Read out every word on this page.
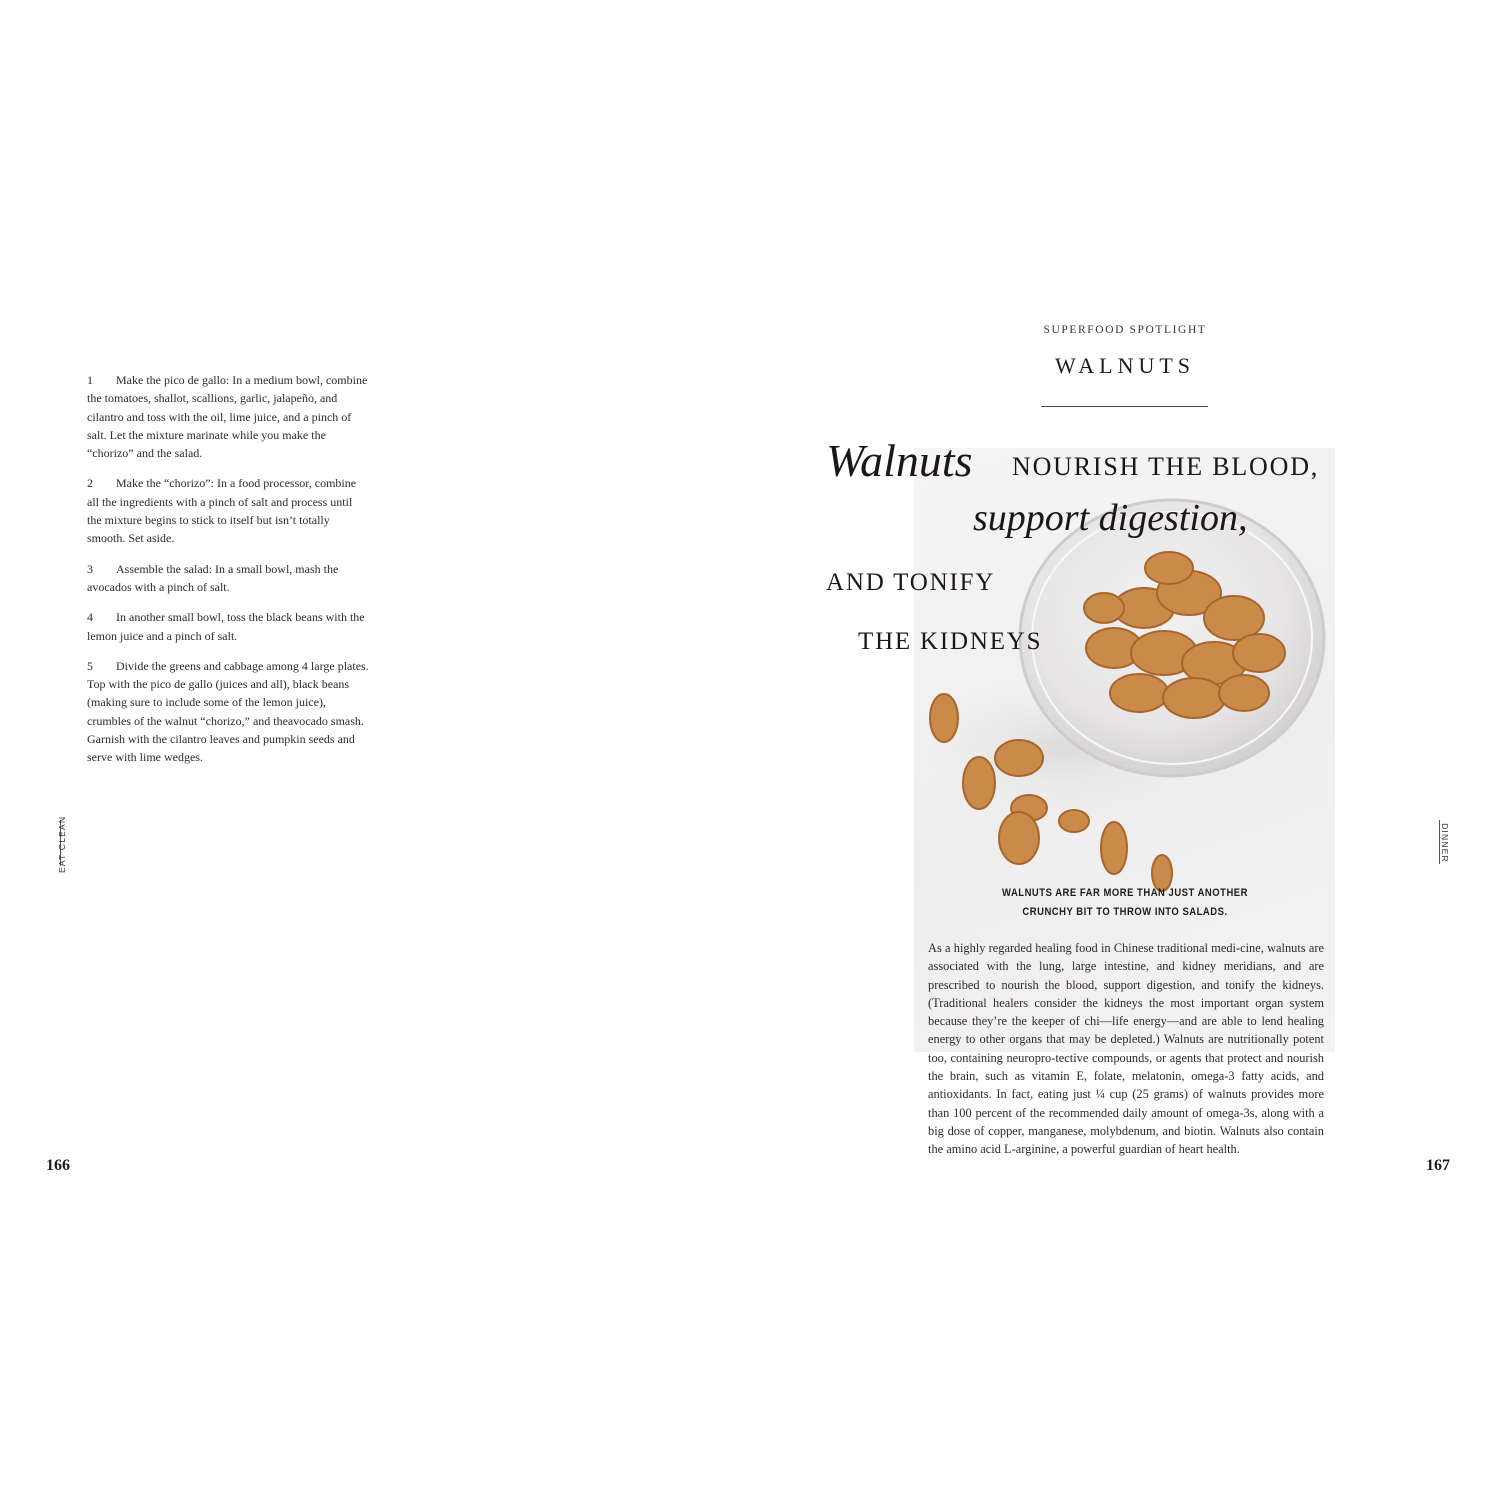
1 Make the pico de gallo: In a medium bowl, combine the tomatoes, shallot, scallions, garlic, jalapeño, and cilantro and toss with the oil, lime juice, and a pinch of salt. Let the mixture marinate while you make the “chorizo” and the salad.

2 Make the “chorizo”: In a food processor, combine all the ingredients with a pinch of salt and process until the mixture begins to stick to itself but isn’t totally smooth. Set aside.

3 Assemble the salad: In a small bowl, mash the avocados with a pinch of salt.

4 In another small bowl, toss the black beans with the lemon juice and a pinch of salt.

5 Divide the greens and cabbage among 4 large plates. Top with the pico de gallo (juices and all), black beans (making sure to include some of the lemon juice), crumbles of the walnut “chorizo,” and theavocado smash. Garnish with the cilantro leaves and pumpkin seeds and serve with lime wedges.

EAT CLEAN
166
SUPERFOOD SPOTLIGHT
WALNUTS
Walnuts NOURISH THE BLOOD,
support digestion,
AND TONIFY
THE KIDNEYS
WALNUTS ARE FAR MORE THAN JUST ANOTHER
CRUNCHY BIT TO THROW INTO SALADS.
As a highly regarded healing food in Chinese traditional medi-cine, walnuts are associated with the lung, large intestine, and kidney meridians, and are prescribed to nourish the blood, support digestion, and tonify the kidneys. (Traditional healers consider the kidneys the most important organ system because they’re the keeper of chi—life energy—and are able to lend healing energy to other organs that may be depleted.) Walnuts are nutritionally potent too, containing neuropro-tective compounds, or agents that protect and nourish the brain, such as vitamin E, folate, melatonin, omega-3 fatty acids, and antioxidants. In fact, eating just ¼ cup (25 grams) of walnuts provides more than 100 percent of the recommended daily amount of omega-3s, along with a big dose of copper, manganese, molybdenum, and biotin. Walnuts also contain the amino acid L-arginine, a powerful guardian of heart health.
DINNER
167
